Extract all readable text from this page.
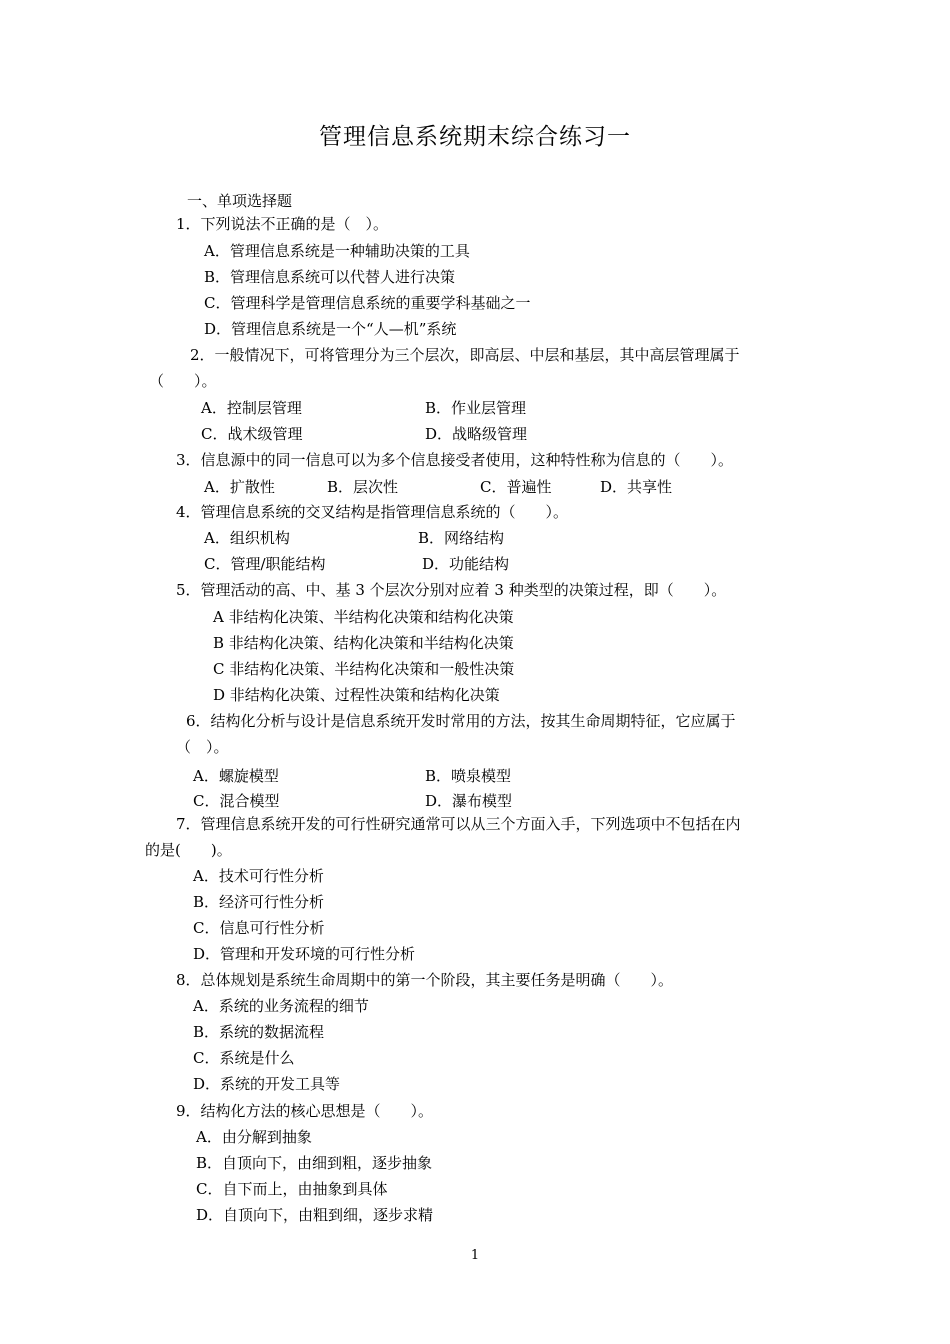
管理信息系统期末综合练习一
一、单项选择题
1．下列说法不正确的是（　）。
A．管理信息系统是一种辅助决策的工具
B．管理信息系统可以代替人进行决策
C．管理科学是管理信息系统的重要学科基础之一
D．管理信息系统是一个“人—机”系统
2．一般情况下，可将管理分为三个层次，即高层、中层和基层，其中高层管理属于
（　　）。
A．控制层管理	B．作业层管理
C．战术级管理	D．战略级管理
3．信息源中的同一信息可以为多个信息接受者使用，这种特性称为信息的（　　）。
A．扩散性	B．层次性	C．普遍性	D．共享性
4．管理信息系统的交叉结构是指管理信息系统的（　　）。
A．组织机构	B．网络结构
C．管理/职能结构	D．功能结构
5．管理活动的高、中、基 3 个层次分别对应着 3 种类型的决策过程，即（　　）。
A 非结构化决策、半结构化决策和结构化决策
B 非结构化决策、结构化决策和半结构化决策
C 非结构化决策、半结构化决策和一般性决策
D 非结构化决策、过程性决策和结构化决策
6．结构化分析与设计是信息系统开发时常用的方法，按其生命周期特征，它应属于
（　）。
A．螺旋模型	B．喷泉模型
C．混合模型	D．瀑布模型
7．管理信息系统开发的可行性研究通常可以从三个方面入手，下列选项中不包括在内
的是(　　)。
A．技术可行性分析
B．经济可行性分析
C．信息可行性分析
D．管理和开发环境的可行性分析
8．总体规划是系统生命周期中的第一个阶段，其主要任务是明确（　　）。
A．系统的业务流程的细节
B．系统的数据流程
C．系统是什么
D．系统的开发工具等
9．结构化方法的核心思想是（　　）。
A．由分解到抽象
B．自顶向下，由细到粗，逐步抽象
C．自下而上，由抽象到具体
D．自顶向下，由粗到细，逐步求精
1
